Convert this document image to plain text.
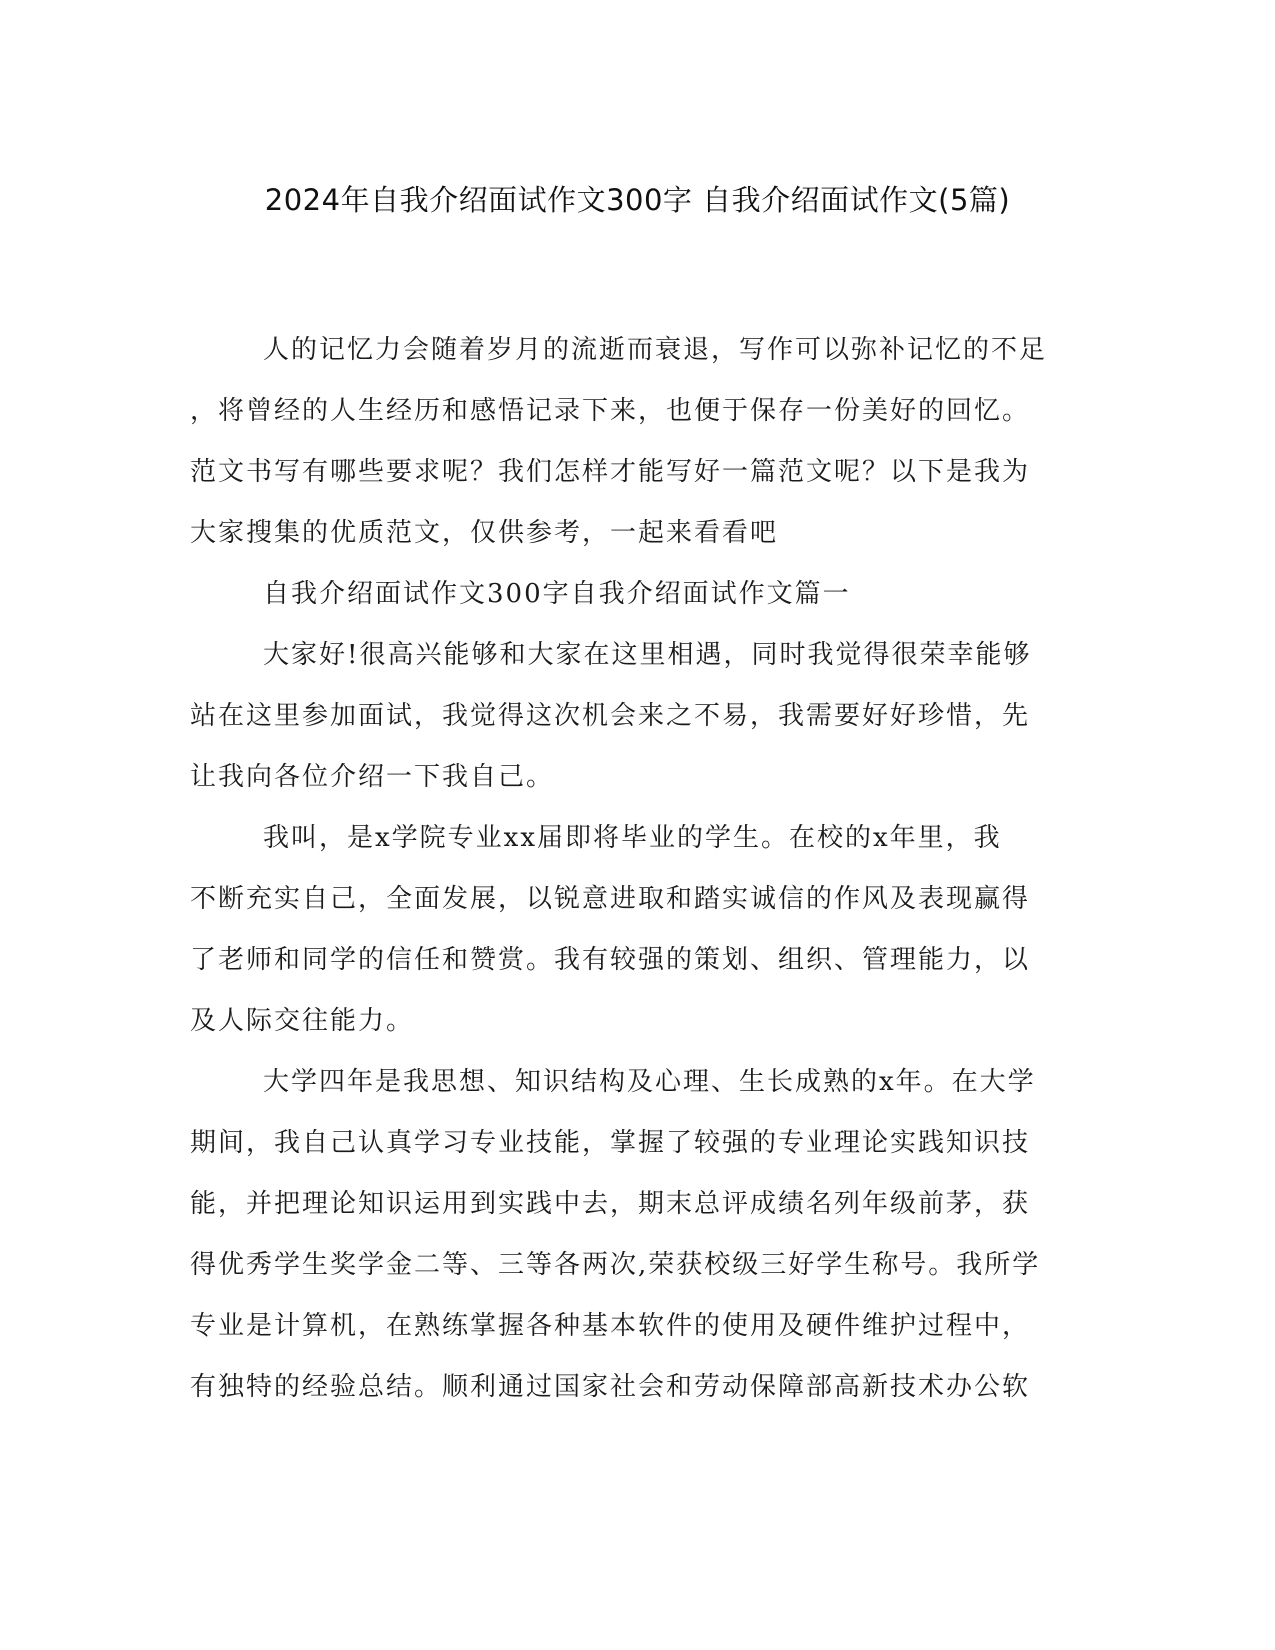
2024年自我介绍面试作文300字 自我介绍面试作文(5篇)

人的记忆力会随着岁月的流逝而衰退，写作可以弥补记忆的不足
，将曾经的人生经历和感悟记录下来，也便于保存一份美好的回忆。
范文书写有哪些要求呢？我们怎样才能写好一篇范文呢？以下是我为
大家搜集的优质范文，仅供参考，一起来看看吧

自我介绍面试作文300字自我介绍面试作文篇一

大家好!很高兴能够和大家在这里相遇，同时我觉得很荣幸能够
站在这里参加面试，我觉得这次机会来之不易，我需要好好珍惜，先
让我向各位介绍一下我自己。

我叫，是x学院专业xx届即将毕业的学生。在校的x年里，我
不断充实自己，全面发展，以锐意进取和踏实诚信的作风及表现赢得
了老师和同学的信任和赞赏。我有较强的策划、组织、管理能力，以
及人际交往能力。

大学四年是我思想、知识结构及心理、生长成熟的x年。在大学
期间，我自己认真学习专业技能，掌握了较强的专业理论实践知识技
能，并把理论知识运用到实践中去，期末总评成绩名列年级前茅，获
得优秀学生奖学金二等、三等各两次,荣获校级三好学生称号。我所学
专业是计算机，在熟练掌握各种基本软件的使用及硬件维护过程中，
有独特的经验总结。顺利通过国家社会和劳动保障部高新技术办公软
